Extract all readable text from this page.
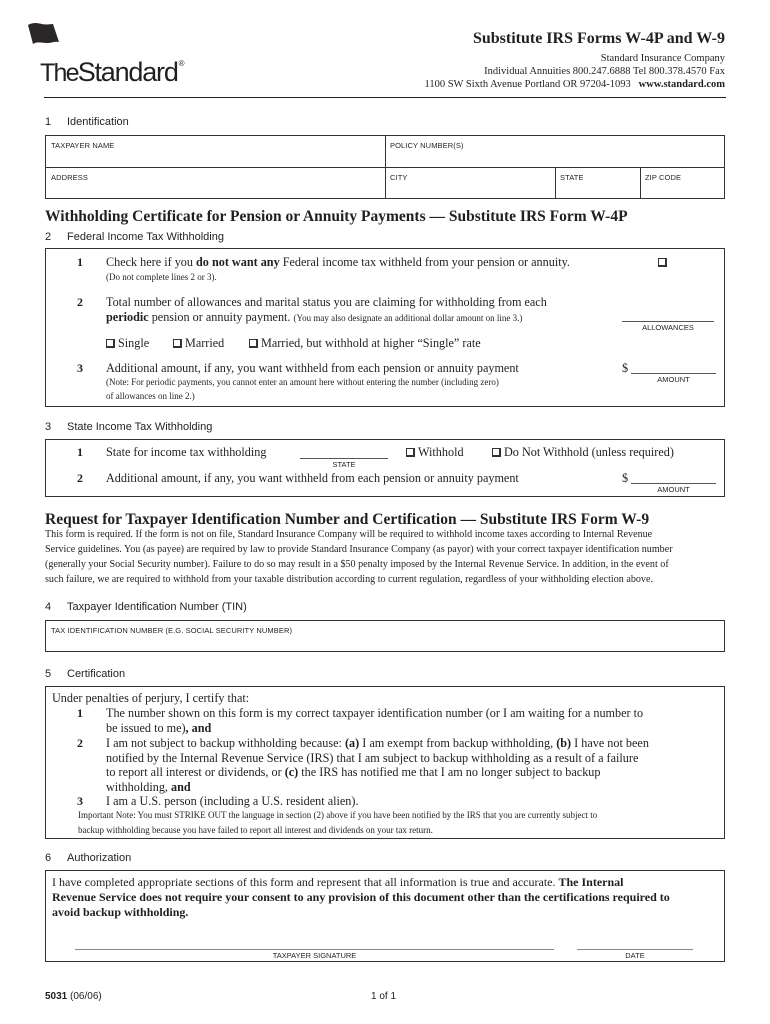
TheStandard®
Substitute IRS Forms W-4P and W-9
Standard Insurance Company
Individual Annuities 800.247.6888 Tel 800.378.4570 Fax
1100 SW Sixth Avenue Portland OR 97204-1093 www.standard.com
1 Identification
TAXPAYER NAME	POLICY NUMBER(S)
ADDRESS	CITY	STATE	ZIP CODE
Withholding Certificate for Pension or Annuity Payments — Substitute IRS Form W-4P
2 Federal Income Tax Withholding
1 Check here if you do not want any Federal income tax withheld from your pension or annuity.
(Do not complete lines 2 or 3).
2 Total number of allowances and marital status you are claiming for withholding from each
periodic pension or annuity payment. (You may also designate an additional dollar amount on line 3.)
ALLOWANCES
Single	Married	Married, but withhold at higher “Single” rate
3 Additional amount, if any, you want withheld from each pension or annuity payment	$
AMOUNT
(Note: For periodic payments, you cannot enter an amount here without entering the number (including zero)
of allowances on line 2.)
3 State Income Tax Withholding
1 State for income tax withholding
STATE
Withhold	Do Not Withhold (unless required)
2 Additional amount, if any, you want withheld from each pension or annuity payment	$
AMOUNT
Request for Taxpayer Identification Number and Certification — Substitute IRS Form W-9
This form is required. If the form is not on file, Standard Insurance Company will be required to withhold income taxes according to Internal Revenue
Service guidelines. You (as payee) are required by law to provide Standard Insurance Company (as payor) with your correct taxpayer identification number
(generally your Social Security number). Failure to do so may result in a $50 penalty imposed by the Internal Revenue Service. In addition, in the event of
such failure, we are required to withhold from your taxable distribution according to current regulation, regardless of your withholding election above.
4 Taxpayer Identification Number (TIN)
TAX IDENTIFICATION NUMBER (E.G. SOCIAL SECURITY NUMBER)
5 Certification
Under penalties of perjury, I certify that:
1 The number shown on this form is my correct taxpayer identification number (or I am waiting for a number to
be issued to me), and
2 I am not subject to backup withholding because: (a) I am exempt from backup withholding, (b) I have not been
notified by the Internal Revenue Service (IRS) that I am subject to backup withholding as a result of a failure
to report all interest or dividends, or (c) the IRS has notified me that I am no longer subject to backup
withholding, and
3 I am a U.S. person (including a U.S. resident alien).
Important Note: You must STRIKE OUT the language in section (2) above if you have been notified by the IRS that you are currently subject to
backup withholding because you have failed to report all interest and dividends on your tax return.
6 Authorization
I have completed appropriate sections of this form and represent that all information is true and accurate. The Internal
Revenue Service does not require your consent to any provision of this document other than the certifications required to
avoid backup withholding.
TAXPAYER SIGNATURE	DATE
5031 (06/06)	1 of 1
